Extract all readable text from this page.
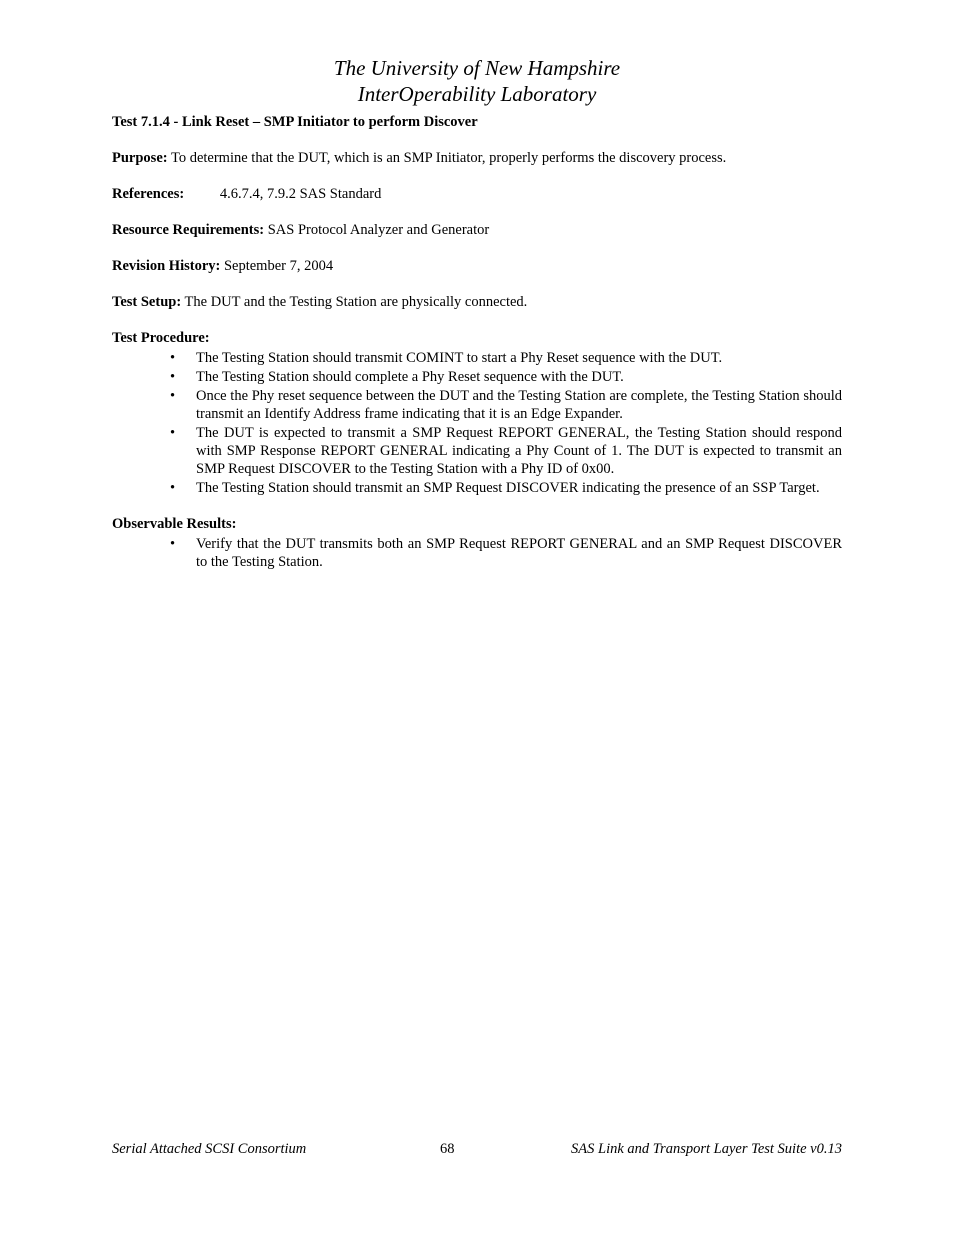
The University of New Hampshire
InterOperability Laboratory
Test 7.1.4 - Link Reset – SMP Initiator to perform Discover
Purpose: To determine that the DUT, which is an SMP Initiator, properly performs the discovery process.
References: 4.6.7.4, 7.9.2 SAS Standard
Resource Requirements: SAS Protocol Analyzer and Generator
Revision History: September 7, 2004
Test Setup: The DUT and the Testing Station are physically connected.
Test Procedure:
• The Testing Station should transmit COMINT to start a Phy Reset sequence with the DUT.
• The Testing Station should complete a Phy Reset sequence with the DUT.
• Once the Phy reset sequence between the DUT and the Testing Station are complete, the Testing Station should transmit an Identify Address frame indicating that it is an Edge Expander.
• The DUT is expected to transmit a SMP Request REPORT GENERAL, the Testing Station should respond with SMP Response REPORT GENERAL indicating a Phy Count of 1. The DUT is expected to transmit an SMP Request DISCOVER to the Testing Station with a Phy ID of 0x00.
• The Testing Station should transmit an SMP Request DISCOVER indicating the presence of an SSP Target.
Observable Results:
• Verify that the DUT transmits both an SMP Request REPORT GENERAL and an SMP Request DISCOVER to the Testing Station.
Serial Attached SCSI Consortium	68	SAS Link and Transport Layer Test Suite v0.13
